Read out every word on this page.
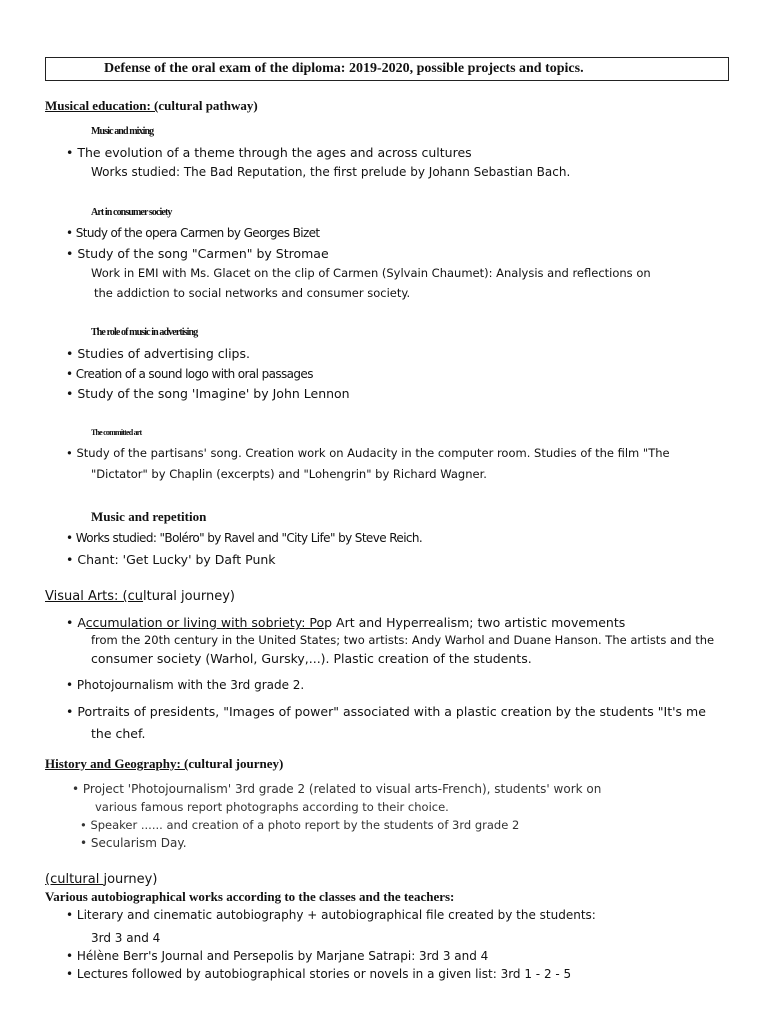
Defense of the oral exam of the diploma: 2019-2020, possible projects and topics.
Musical education: (cultural pathway)
Music and mixing
• The evolution of a theme through the ages and across cultures
Works studied: The Bad Reputation, the first prelude by Johann Sebastian Bach.
Art in consumer society
• Study of the opera Carmen by Georges Bizet
• Study of the song "Carmen" by Stromae
Work in EMI with Ms. Glacet on the clip of Carmen (Sylvain Chaumet): Analysis and reflections on
the addiction to social networks and consumer society.
The role of music in advertising
• Studies of advertising clips.
• Creation of a sound logo with oral passages
• Study of the song 'Imagine' by John Lennon
The committed art
• Study of the partisans' song. Creation work on Audacity in the computer room. Studies of the film "The
"Dictator" by Chaplin (excerpts) and "Lohengrin" by Richard Wagner.
Music and repetition
• Works studied: "Boléro" by Ravel and "City Life" by Steve Reich.
• Chant: 'Get Lucky' by Daft Punk
Visual Arts: (cultural journey)
• Accumulation or living with sobriety: Pop Art and Hyperrealism; two artistic movements
from the 20th century in the United States; two artists: Andy Warhol and Duane Hanson. The artists and the
consumer society (Warhol, Gursky,...). Plastic creation of the students.
• Photojournalism with the 3rd grade 2.
• Portraits of presidents, "Images of power" associated with a plastic creation by the students "It's me
the chef.
History and Geography: (cultural journey)
• Project 'Photojournalism' 3rd grade 2 (related to visual arts-French), students' work on
various famous report photographs according to their choice.
• Speaker ...... and creation of a photo report by the students of 3rd grade 2
• Secularism Day.
(cultural journey)
Various autobiographical works according to the classes and the teachers:
• Literary and cinematic autobiography + autobiographical file created by the students:
3rd 3 and 4
• Hélène Berr's Journal and Persepolis by Marjane Satrapi: 3rd 3 and 4
• Lectures followed by autobiographical stories or novels in a given list: 3rd 1 - 2 - 5
